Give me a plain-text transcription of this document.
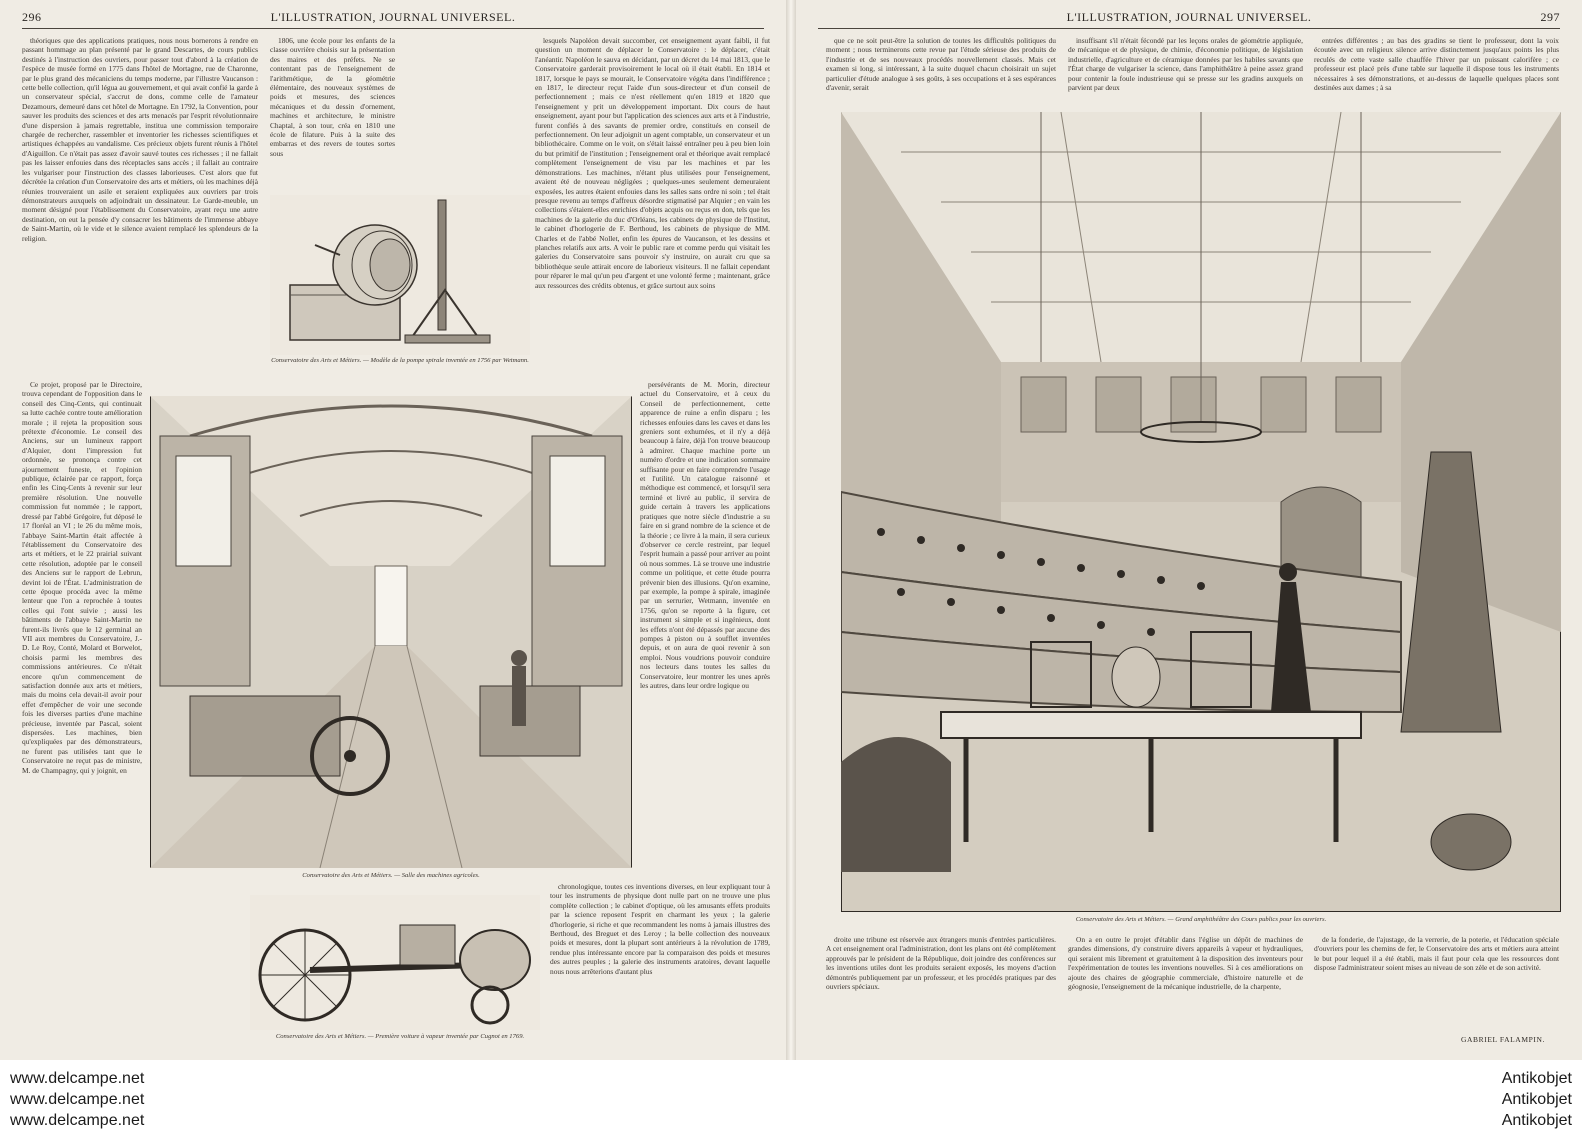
296	L'ILLUSTRATION, JOURNAL UNIVERSEL.

théoriques que des applications pratiques, nous nous bornerons à rendre en passant hommage au plan présenté par le grand Descartes, de cours publics destinés à l'instruction des ouvriers, pour passer tout d'abord à la création de l'espèce de musée formé en 1775 dans l'hôtel de Mortagne, rue de Charonne, par le plus grand des mécaniciens du temps moderne, par l'illustre Vaucanson : cette belle collection, qu'il légua au gouvernement, et qui avait confié la garde à un conservateur spécial, s'accrut de dons, comme celle de l'amateur Dezamours, demeuré dans cet hôtel de Mortagne. En 1792, la Convention, pour sauver les produits des sciences et des arts menacés par l'esprit révolutionnaire d'une dispersion à jamais regrettable, institua une commission temporaire chargée de rechercher, rassembler et inventorier les richesses scientifiques et artistiques échappées au vandalisme. Ces précieux objets furent réunis à l'hôtel d'Aiguillon. Ce n'était pas assez d'avoir sauvé toutes ces richesses ; il ne fallait pas les laisser enfouies dans des réceptacles sans accès ; il fallait au contraire les vulgariser pour l'instruction des classes laborieuses. C'est alors que fut décrétée la création d'un Conservatoire des arts et métiers, où les machines déjà réunies trouveraient un asile et seraient expliquées aux ouvriers par trois démonstrateurs auxquels on adjoindrait un dessinateur. Le Garde-meuble, un moment désigné pour l'établissement du Conservatoire, ayant reçu une autre destination, on eut la pensée d'y consacrer les bâtiments de l'immense abbaye de Saint-Martin, où le vide et le silence avaient remplacé les splendeurs de la religion.

Ce projet, proposé par le Directoire, trouva cependant de l'opposition dans le conseil des Cinq-Cents, qui continuait sa lutte cachée contre toute amélioration morale ; il rejeta la proposition sous prétexte d'économie. Le conseil des Anciens, sur un lumineux rapport d'Alquier, dont l'impression fut ordonnée, se prononça contre cet ajournement funeste, et l'opinion publique, éclairée par ce rapport, força enfin les Cinq-Cents à revenir sur leur première résolution. Une nouvelle commission fut nommée ; le rapport, dressé par l'abbé Grégoire, fut déposé le 17 floréal an VI ; le 26 du même mois, l'abbaye Saint-Martin était affectée à l'établissement du Conservatoire des arts et métiers, et le 22 prairial suivant cette résolution, adoptée par le conseil des Anciens sur le rapport de Lebrun, devint loi de l'État. L'administration de cette époque procéda avec la même lenteur que l'on a reprochée à toutes celles qui l'ont suivie ; aussi les bâtiments de l'abbaye Saint-Martin ne furent-ils livrés que le 12 germinal an VII aux membres du Conservatoire, J.-D. Le Roy, Conté, Molard et Borwelot, choisis parmi les membres des commissions antérieures. Ce n'était encore qu'un commencement de satisfaction donnée aux arts et métiers, mais du moins cela devait-il avoir pour effet d'empêcher de voir une seconde fois les diverses parties d'une machine précieuse, inventée par Pascal, soient dispersées. Les machines, bien qu'expliquées par des démonstrateurs, ne furent pas utilisées tant que le Conservatoire ne reçut pas de ministre, M. de Champagny, qui y joignit, en

1806, une école pour les enfants de la classe ouvrière choisis sur la présentation des maires et des préfets. Ne se contentant pas de l'enseignement de l'arithmétique, de la géométrie élémentaire, des nouveaux systèmes de poids et mesures, des sciences mécaniques et du dessin d'ornement, machines et architecture, le ministre Chaptal, à son tour, créa en 1810 une école de filature. Puis à la suite des embarras et des revers de toutes sortes sous

lesquels Napoléon devait succomber, cet enseignement ayant faibli, il fut question un moment de déplacer le Conservatoire : le déplacer, c'était l'anéantir. Napoléon le sauva en décidant, par un décret du 14 mai 1813, que le Conservatoire garderait provisoirement le local où il était établi. En 1814 et 1817, lorsque le pays se mourait, le Conservatoire végéta dans l'indifférence ; en 1817, le directeur reçut l'aide d'un sous-directeur et d'un conseil de perfectionnement ; mais ce n'est réellement qu'en 1819 et 1820 que l'enseignement y prit un développement important. Dix cours de haut enseignement, ayant pour but l'application des sciences aux arts et à l'industrie, furent confiés à des savants de premier ordre, constitués en conseil de perfectionnement. On leur adjoignit un agent comptable, un conservateur et un bibliothécaire. Comme on le voit, on s'était laissé entraîner peu à peu bien loin du but primitif de l'institution ; l'enseignement oral et théorique avait remplacé complètement l'enseignement de visu par les machines et par les démonstrations. Les machines, n'étant plus utilisées pour l'enseignement, avaient été de nouveau négligées ; quelques-unes seulement demeuraient exposées, les autres étaient enfouies dans les salles sans ordre ni soin ; tel était presque revenu au temps d'affreux désordre stigmatisé par Alquier ; en vain les collections s'étaient-elles enrichies d'objets acquis ou reçus en don, tels que les machines de la galerie du duc d'Orléans, les cabinets de physique de l'Institut, le cabinet d'horlogerie de F. Berthoud, les cabinets de physique de MM. Charles et de l'abbé Nollet, enfin les épures de Vaucanson, et les dessins et planches relatifs aux arts. A voir le public rare et comme perdu qui visitait les galeries du Conservatoire sans pouvoir s'y instruire, on aurait cru que sa bibliothèque seule attirait encore de laborieux visiteurs. Il ne fallait cependant pour réparer le mal qu'un peu d'argent et une volonté ferme ; maintenant, grâce aux ressources des crédits obtenus, et grâce surtout aux soins

persévérants de M. Morin, directeur actuel du Conservatoire, et à ceux du Conseil de perfectionnement, cette apparence de ruine a enfin disparu ; les richesses enfouies dans les caves et dans les greniers sont exhumées, et il n'y a déjà beaucoup à faire, déjà l'on trouve beaucoup à admirer. Chaque machine porte un numéro d'ordre et une indication sommaire suffisante pour en faire comprendre l'usage et l'utilité. Un catalogue raisonné et méthodique est commencé, et lorsqu'il sera terminé et livré au public, il servira de guide certain à travers les applications pratiques que notre siècle d'industrie a su faire en si grand nombre de la science et de la théorie ; ce livre à la main, il sera curieux d'observer ce cercle restreint, par lequel l'esprit humain a passé pour arriver au point où nous sommes. Là se trouve une industrie comme un politique, et cette étude pourra prévenir bien des illusions. Qu'on examine, par exemple, la pompe à spirale, imaginée par un serrurier, Wetmann, inventée en 1756, qu'on se reporte à la figure, cet instrument si simple et si ingénieux, dont les effets n'ont été dépassés par aucune des pompes à piston ou à soufflet inventées depuis, et on aura de quoi revenir à son emploi. Nous voudrions pouvoir conduire nos lecteurs dans toutes les salles du Conservatoire, leur montrer les unes après les autres, dans leur ordre logique ou

chronologique, toutes ces inventions diverses, en leur expliquant tour à tour les instruments de physique dont nulle part on ne trouve une plus complète collection ; le cabinet d'optique, où les amusants effets produits par la science reposent l'esprit en charmant les yeux ; la galerie d'horlogerie, si riche et que recommandent les noms à jamais illustres des Berthoud, des Breguet et des Leroy ; la belle collection des nouveaux poids et mesures, dont la plupart sont antérieurs à la révolution de 1789, rendue plus intéressante encore par la comparaison des poids et mesures des autres peuples ; la galerie des instruments aratoires, devant laquelle nous nous arrêterions d'autant plus

Conservatoire des Arts et Métiers. — Modèle de la pompe spirale inventée en 1756 par Wetmann.
Conservatoire des Arts et Métiers. — Salle des machines agricoles.
Conservatoire des Arts et Métiers. — Première voiture à vapeur inventée par Cugnot en 1769.
L'ILLUSTRATION, JOURNAL UNIVERSEL.	297

que ce ne soit peut-être la solution de toutes les difficultés politiques du moment ; nous terminerons cette revue par l'étude sérieuse des produits de l'industrie et de ses nouveaux procédés nouvellement classés. Mais cet examen si long, si intéressant, à la suite duquel chacun choisirait un sujet particulier d'étude analogue à ses goûts, à ses occupations et à ses espérances d'avenir, serait

insuffisant s'il n'était fécondé par les leçons orales de géométrie appliquée, de mécanique et de physique, de chimie, d'économie politique, de législation industrielle, d'agriculture et de céramique données par les habiles savants que l'État charge de vulgariser la science, dans l'amphithéâtre à peine assez grand pour contenir la foule industrieuse qui se presse sur les gradins auxquels on parvient par deux

entrées différentes ; au bas des gradins se tient le professeur, dont la voix écoutée avec un religieux silence arrive distinctement jusqu'aux points les plus reculés de cette vaste salle chauffée l'hiver par un puissant calorifère ; ce professeur est placé près d'une table sur laquelle il dispose tous les instruments nécessaires à ses démonstrations, et au-dessus de laquelle quelques places sont destinées aux dames ; à sa

Conservatoire des Arts et Métiers. — Grand amphithéâtre des Cours publics pour les ouvriers.

droite une tribune est réservée aux étrangers munis d'entrées particulières. A cet enseignement oral l'administration, dont les plans ont été complètement approuvés par le président de la République, doit joindre des conférences sur les inventions utiles dont les produits seraient exposés, les moyens d'action démontrés publiquement par un professeur, et les procédés pratiques par des ouvriers spéciaux.

On a en outre le projet d'établir dans l'église un dépôt de machines de grandes dimensions, d'y construire divers appareils à vapeur et hydrauliques, qui seraient mis librement et gratuitement à la disposition des inventeurs pour l'expérimentation de toutes les inventions nouvelles. Si à ces améliorations on ajoute des chaires de géographie commerciale, d'histoire naturelle et de géognosie, l'enseignement de la mécanique industrielle, de la charpente,

de la fonderie, de l'ajustage, de la verrerie, de la poterie, et l'éducation spéciale d'ouvriers pour les chemins de fer, le Conservatoire des arts et métiers aura atteint le but pour lequel il a été établi, mais il faut pour cela que les ressources dont dispose l'administrateur soient mises au niveau de son zèle et de son activité.

GABRIEL FALAMPIN.
www.delcampe.net
www.delcampe.net
www.delcampe.net
Antikobjet
Antikobjet
Antikobjet
